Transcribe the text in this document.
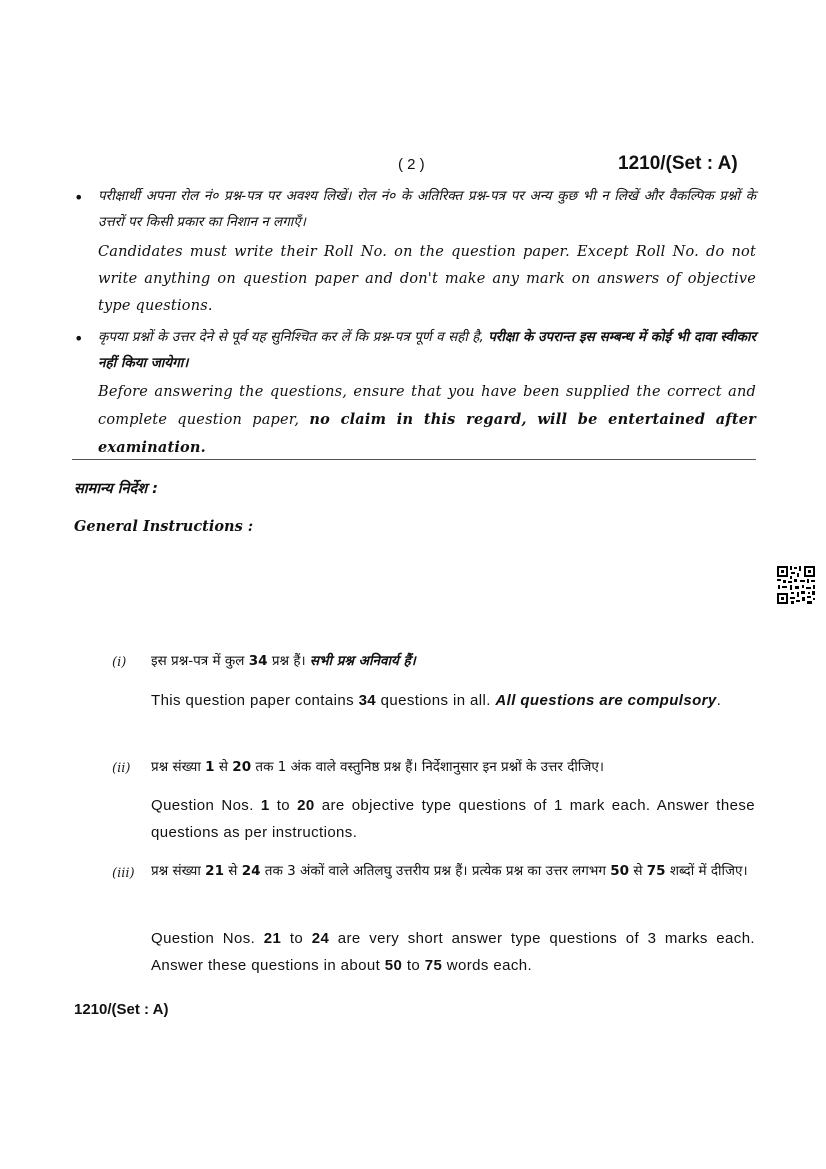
( 2 )	1210/(Set : A)
• परीक्षार्थी अपना रोल नं० प्रश्न-पत्र पर अवश्य लिखें। रोल नं० के अतिरिक्त प्रश्न-पत्र पर अन्य कुछ भी न लिखें और वैकल्पिक प्रश्नों के उत्तरों पर किसी प्रकार का निशान न लगाएँ।
Candidates must write their Roll No. on the question paper. Except Roll No. do not write anything on question paper and don't make any mark on answers of objective type questions.
• कृपया प्रश्नों के उत्तर देने से पूर्व यह सुनिश्चित कर लें कि प्रश्न-पत्र पूर्ण व सही है, परीक्षा के उपरान्त इस सम्बन्ध में कोई भी दावा स्वीकार नहीं किया जायेगा।
Before answering the questions, ensure that you have been supplied the correct and complete question paper, no claim in this regard, will be entertained after examination.
सामान्य निर्देश :
General Instructions :
(i) इस प्रश्न-पत्र में कुल 34 प्रश्न हैं। सभी प्रश्न अनिवार्य हैं।
This question paper contains 34 questions in all. All questions are compulsory.
(ii) प्रश्न संख्या 1 से 20 तक 1 अंक वाले वस्तुनिष्ठ प्रश्न हैं। निर्देशानुसार इन प्रश्नों के उत्तर दीजिए।
Question Nos. 1 to 20 are objective type questions of 1 mark each. Answer these questions as per instructions.
(iii) प्रश्न संख्या 21 से 24 तक 3 अंकों वाले अतिलघु उत्तरीय प्रश्न हैं। प्रत्येक प्रश्न का उत्तर लगभग 50 से 75 शब्दों में दीजिए।
Question Nos. 21 to 24 are very short answer type questions of 3 marks each. Answer these questions in about 50 to 75 words each.
1210/(Set : A)
